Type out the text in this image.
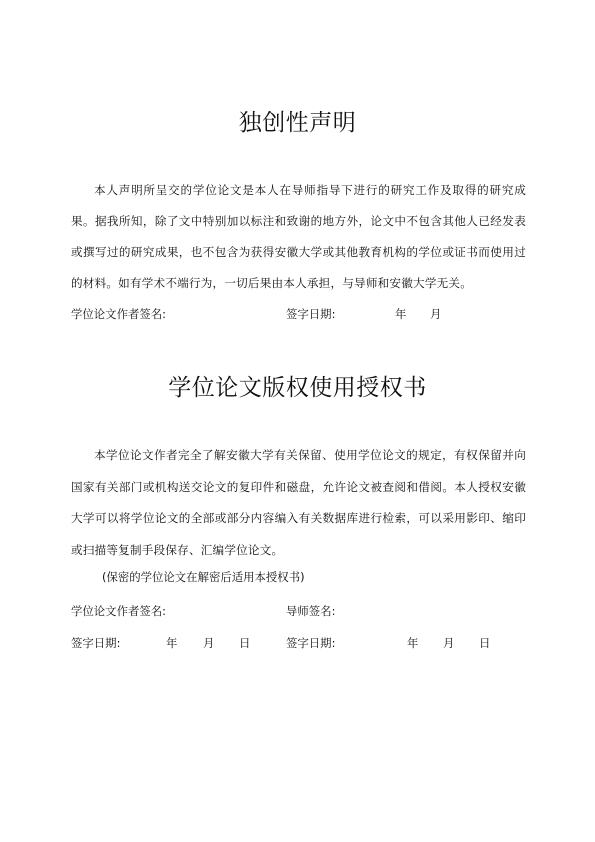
独创性声明

本人声明所呈交的学位论文是本人在导师指导下进行的研究工作及取得的研究成果。据我所知，除了文中特别加以标注和致谢的地方外，论文中不包含其他人已经发表或撰写过的研究成果，也不包含为获得安徽大学或其他教育机构的学位或证书而使用过的材料。如有学术不端行为，一切后果由本人承担，与导师和安徽大学无关。

学位论文作者签名:	签字日期:	年 月
学位论文版权使用授权书

本学位论文作者完全了解安徽大学有关保留、使用学位论文的规定，有权保留并向国家有关部门或机构送交论文的复印件和磁盘，允许论文被查阅和借阅。本人授权安徽大学可以将学位论文的全部或部分内容编入有关数据库进行检索，可以采用影印、缩印或扫描等复制手段保存、汇编学位论文。

(保密的学位论文在解密后适用本授权书)
学位论文作者签名:	导师签名:
签字日期:	年 月 日	签字日期:	年 月 日
